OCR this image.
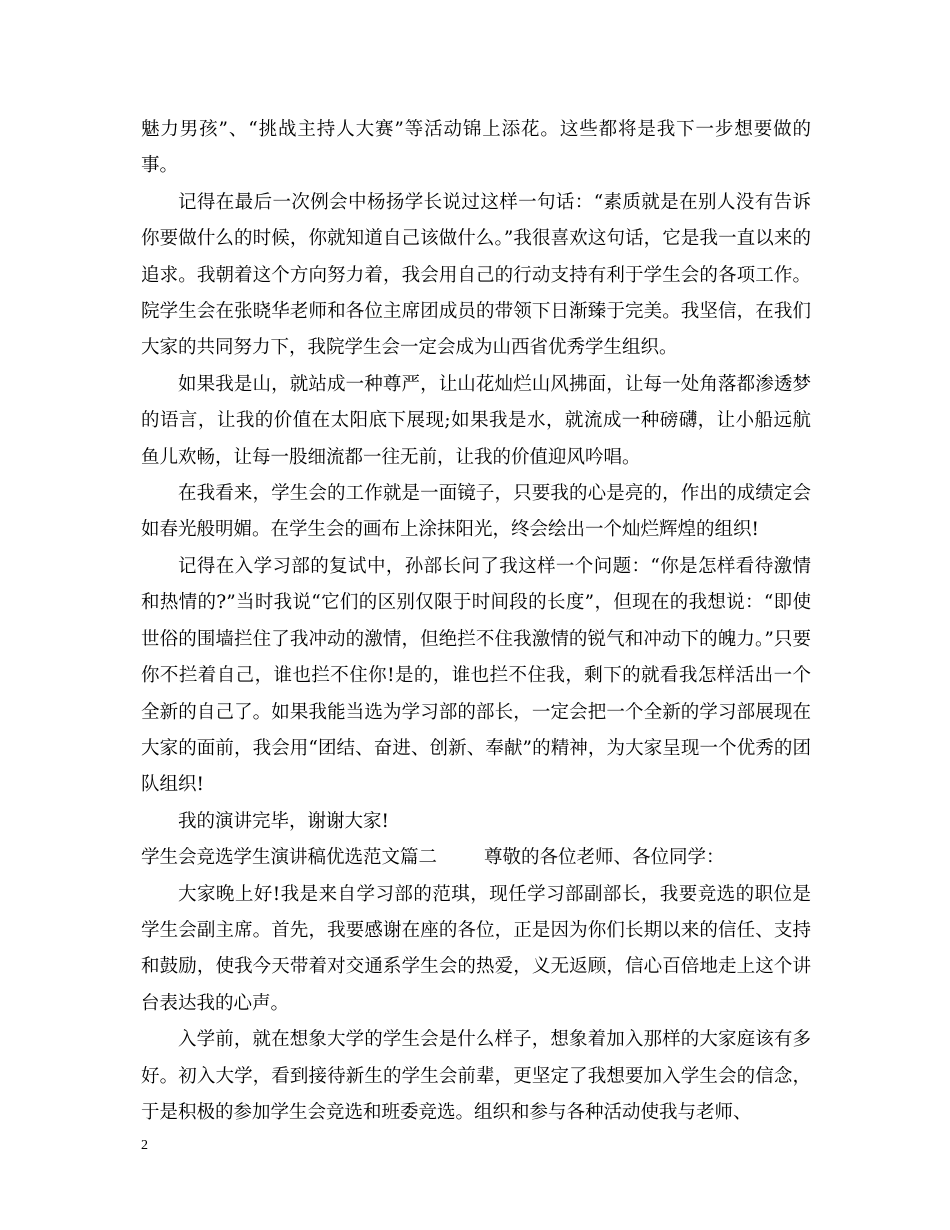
魅力男孩”、“挑战主持人大赛”等活动锦上添花。这些都将是我下一步想要做的事。

记得在最后一次例会中杨扬学长说过这样一句话：“素质就是在别人没有告诉你要做什么的时候，你就知道自己该做什么。”我很喜欢这句话，它是我一直以来的追求。我朝着这个方向努力着，我会用自己的行动支持有利于学生会的各项工作。院学生会在张晓华老师和各位主席团成员的带领下日渐臻于完美。我坚信，在我们大家的共同努力下，我院学生会一定会成为山西省优秀学生组织。

如果我是山，就站成一种尊严，让山花灿烂山风拂面，让每一处角落都渗透梦的语言，让我的价值在太阳底下展现;如果我是水，就流成一种磅礴，让小船远航鱼儿欢畅，让每一股细流都一往无前，让我的价值迎风吟唱。

在我看来，学生会的工作就是一面镜子，只要我的心是亮的，作出的成绩定会如春光般明媚。在学生会的画布上涂抹阳光，终会绘出一个灿烂辉煌的组织!

记得在入学习部的复试中，孙部长问了我这样一个问题：“你是怎样看待激情和热情的?”当时我说“它们的区别仅限于时间段的长度”，但现在的我想说：“即使世俗的围墙拦住了我冲动的激情，但绝拦不住我激情的锐气和冲动下的魄力。”只要你不拦着自己，谁也拦不住你!是的，谁也拦不住我，剩下的就看我怎样活出一个全新的自己了。如果我能当选为学习部的部长，一定会把一个全新的学习部展现在大家的面前，我会用“团结、奋进、创新、奉献”的精神，为大家呈现一个优秀的团队组织!

我的演讲完毕，谢谢大家!

学生会竞选学生演讲稿优选范文篇二        尊敬的各位老师、各位同学：

大家晚上好!我是来自学习部的范琪，现任学习部副部长，我要竞选的职位是学生会副主席。首先，我要感谢在座的各位，正是因为你们长期以来的信任、支持和鼓励，使我今天带着对交通系学生会的热爱，义无返顾，信心百倍地走上这个讲台表达我的心声。

入学前，就在想象大学的学生会是什么样子，想象着加入那样的大家庭该有多好。初入大学，看到接待新生的学生会前辈，更坚定了我想要加入学生会的信念，于是积极的参加学生会竞选和班委竞选。组织和参与各种活动使我与老师、

2
